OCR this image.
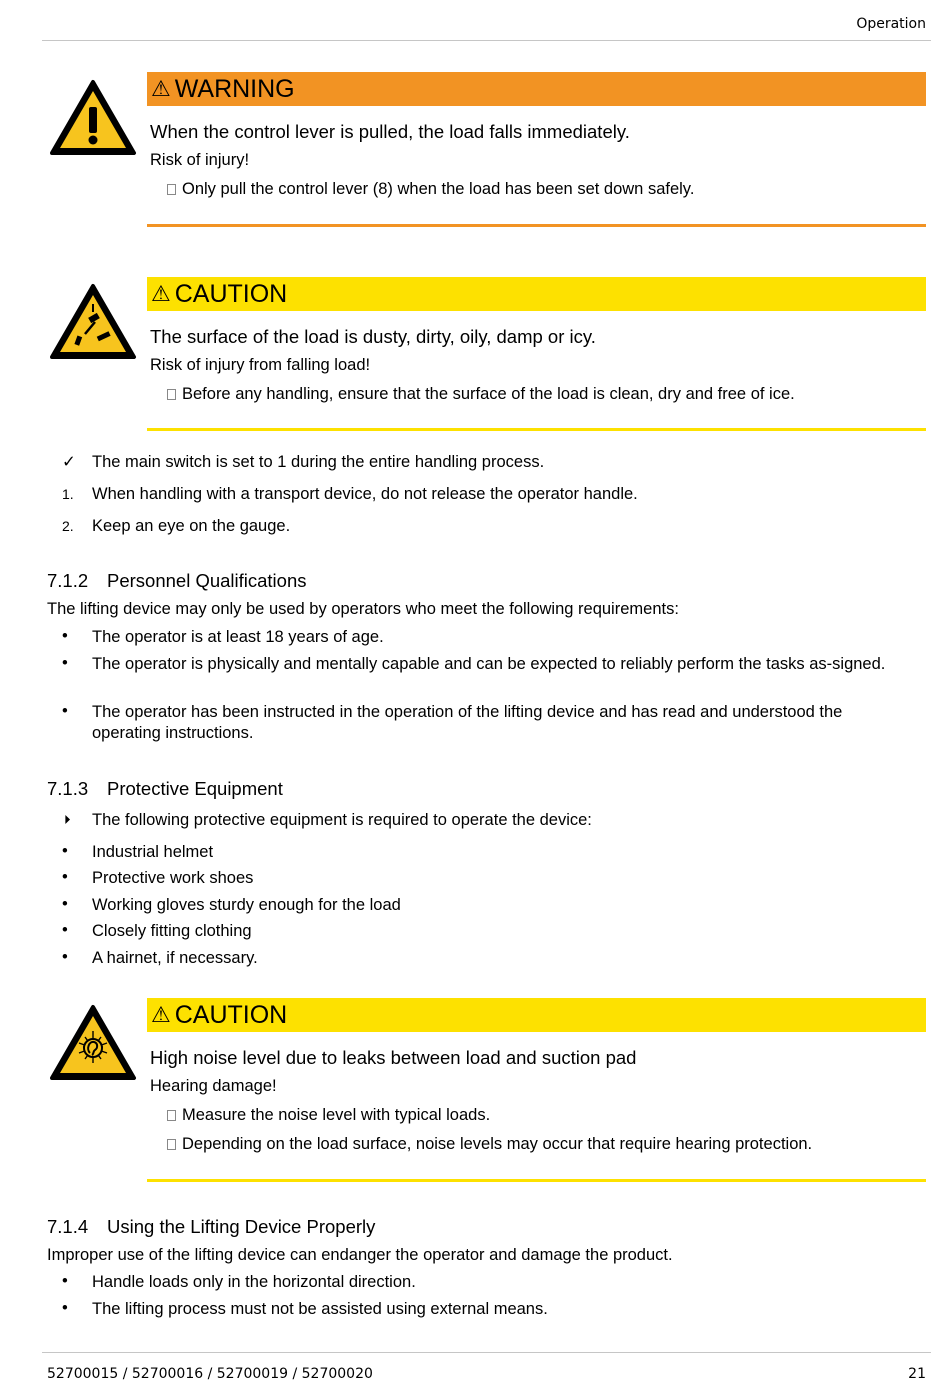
Operation
⚠ WARNING
When the control lever is pulled, the load falls immediately.
Risk of injury!
Only pull the control lever (8) when the load has been set down safely.
⚠ CAUTION
The surface of the load is dusty, dirty, oily, damp or icy.
Risk of injury from falling load!
Before any handling, ensure that the surface of the load is clean, dry and free of ice.
✓ The main switch is set to 1 during the entire handling process.
1. When handling with a transport device, do not release the operator handle.
2. Keep an eye on the gauge.
7.1.2 Personnel Qualifications
The lifting device may only be used by operators who meet the following requirements:
• The operator is at least 18 years of age.
• The operator is physically and mentally capable and can be expected to reliably perform the tasks as-signed.
• The operator has been instructed in the operation of the lifting device and has read and understood the operating instructions.
7.1.3 Protective Equipment
⏵ The following protective equipment is required to operate the device:
• Industrial helmet
• Protective work shoes
• Working gloves sturdy enough for the load
• Closely fitting clothing
• A hairnet, if necessary.
⚠ CAUTION
High noise level due to leaks between load and suction pad
Hearing damage!
Measure the noise level with typical loads.
Depending on the load surface, noise levels may occur that require hearing protection.
7.1.4 Using the Lifting Device Properly
Improper use of the lifting device can endanger the operator and damage the product.
• Handle loads only in the horizontal direction.
• The lifting process must not be assisted using external means.
52700015 / 52700016 / 52700019 / 52700020	21
